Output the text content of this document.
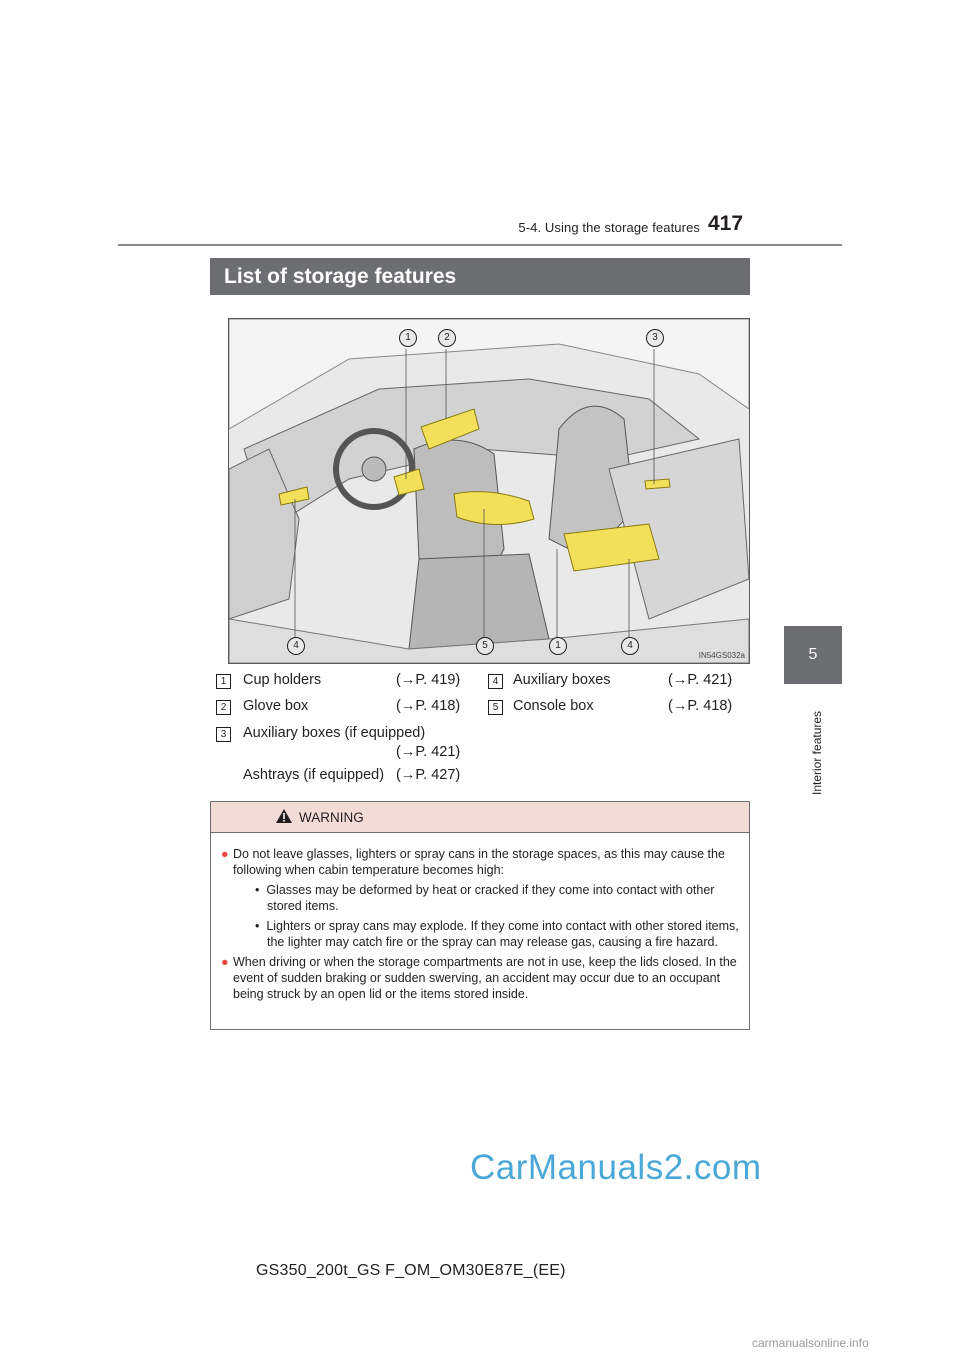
5-4. Using the storage features 417
5
Interior features
List of storage features
1	2	3
4	5	1	4
IN54GS032a
1	Cup holders	(→P. 419)
2	Glove box	(→P. 418)
3	Auxiliary boxes (if equipped)
(→P. 421)
Ashtrays (if equipped) (→P. 427)
4	Auxiliary boxes	(→P. 421)
5	Console box	(→P. 418)
WARNING

● Do not leave glasses, lighters or spray cans in the storage spaces, as this may cause the following when cabin temperature becomes high:

•  Glasses may be deformed by heat or cracked if they come into contact with other stored items.

•  Lighters or spray cans may explode. If they come into contact with other stored items, the lighter may catch fire or the spray can may release gas, causing a fire hazard.

● When driving or when the storage compartments are not in use, keep the lids closed. In the event of sudden braking or sudden swerving, an accident may occur due to an occupant being struck by an open lid or the items stored inside.

CarManuals2.com
carmanualsonline.info
GS350_200t_GS F_OM_OM30E87E_(EE)
